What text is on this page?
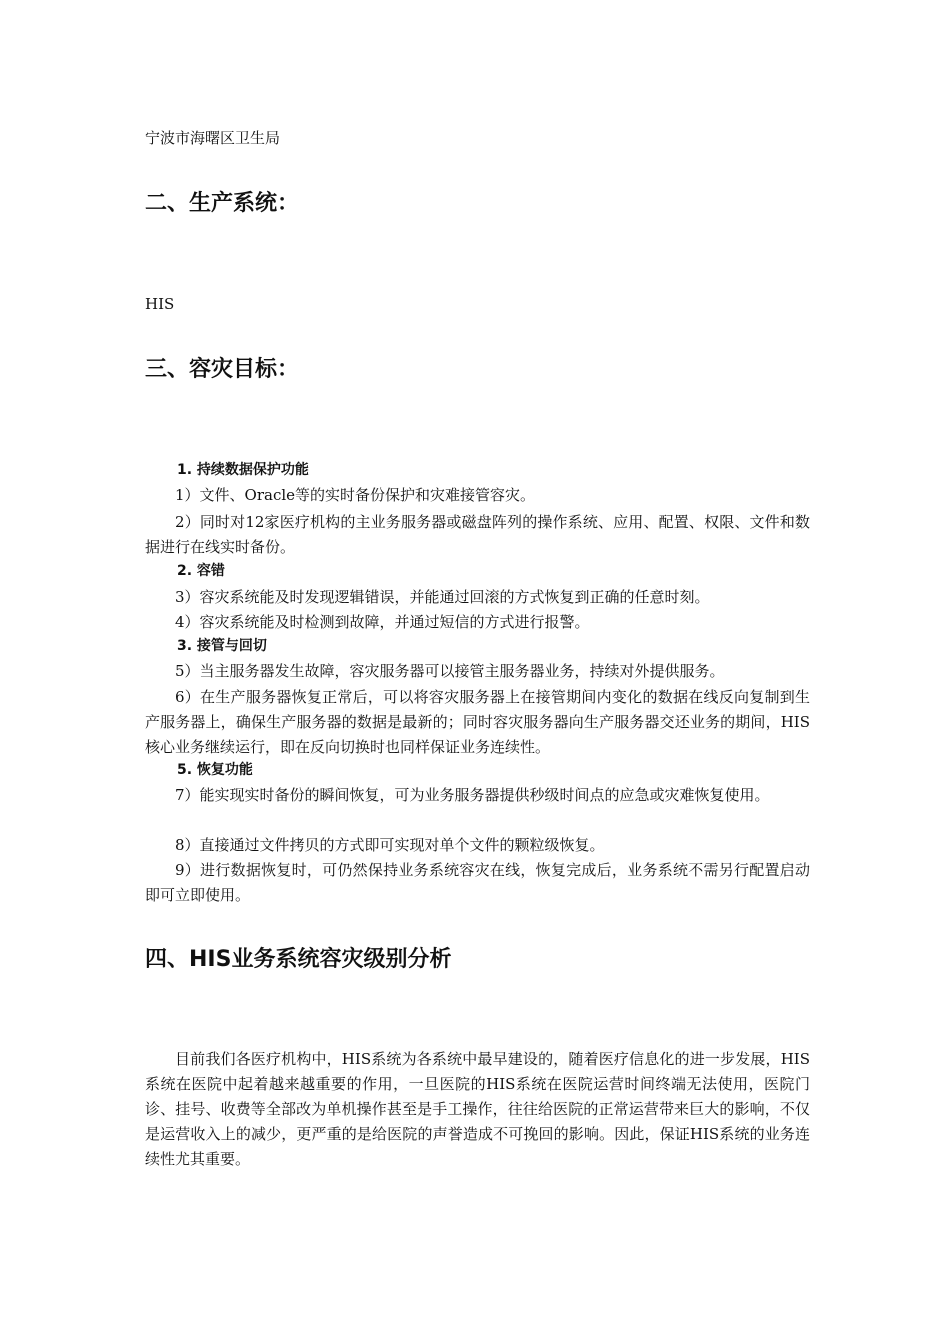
宁波市海曙区卫生局
二、生产系统：
HIS
三、容灾目标：
1. 持续数据保护功能
1）文件、Oracle等的实时备份保护和灾难接管容灾。
2）同时对12家医疗机构的主业务服务器或磁盘阵列的操作系统、应用、配置、权限、文件和数据进行在线实时备份。
2. 容错
3）容灾系统能及时发现逻辑错误，并能通过回滚的方式恢复到正确的任意时刻。
4）容灾系统能及时检测到故障，并通过短信的方式进行报警。
3. 接管与回切
5）当主服务器发生故障，容灾服务器可以接管主服务器业务，持续对外提供服务。
6）在生产服务器恢复正常后，可以将容灾服务器上在接管期间内变化的数据在线反向复制到生产服务器上，确保生产服务器的数据是最新的；同时容灾服务器向生产服务器交还业务的期间，HIS核心业务继续运行，即在反向切换时也同样保证业务连续性。
5. 恢复功能
7）能实现实时备份的瞬间恢复，可为业务服务器提供秒级时间点的应急或灾难恢复使用。
8）直接通过文件拷贝的方式即可实现对单个文件的颗粒级恢复。
9）进行数据恢复时，可仍然保持业务系统容灾在线，恢复完成后，业务系统不需另行配置启动即可立即使用。
四、HIS业务系统容灾级别分析
目前我们各医疗机构中，HIS系统为各系统中最早建设的，随着医疗信息化的进一步发展，HIS系统在医院中起着越来越重要的作用，一旦医院的HIS系统在医院运营时间终端无法使用，医院门诊、挂号、收费等全部改为单机操作甚至是手工操作，往往给医院的正常运营带来巨大的影响，不仅是运营收入上的减少，更严重的是给医院的声誉造成不可挽回的影响。因此，保证HIS系统的业务连续性尤其重要。
